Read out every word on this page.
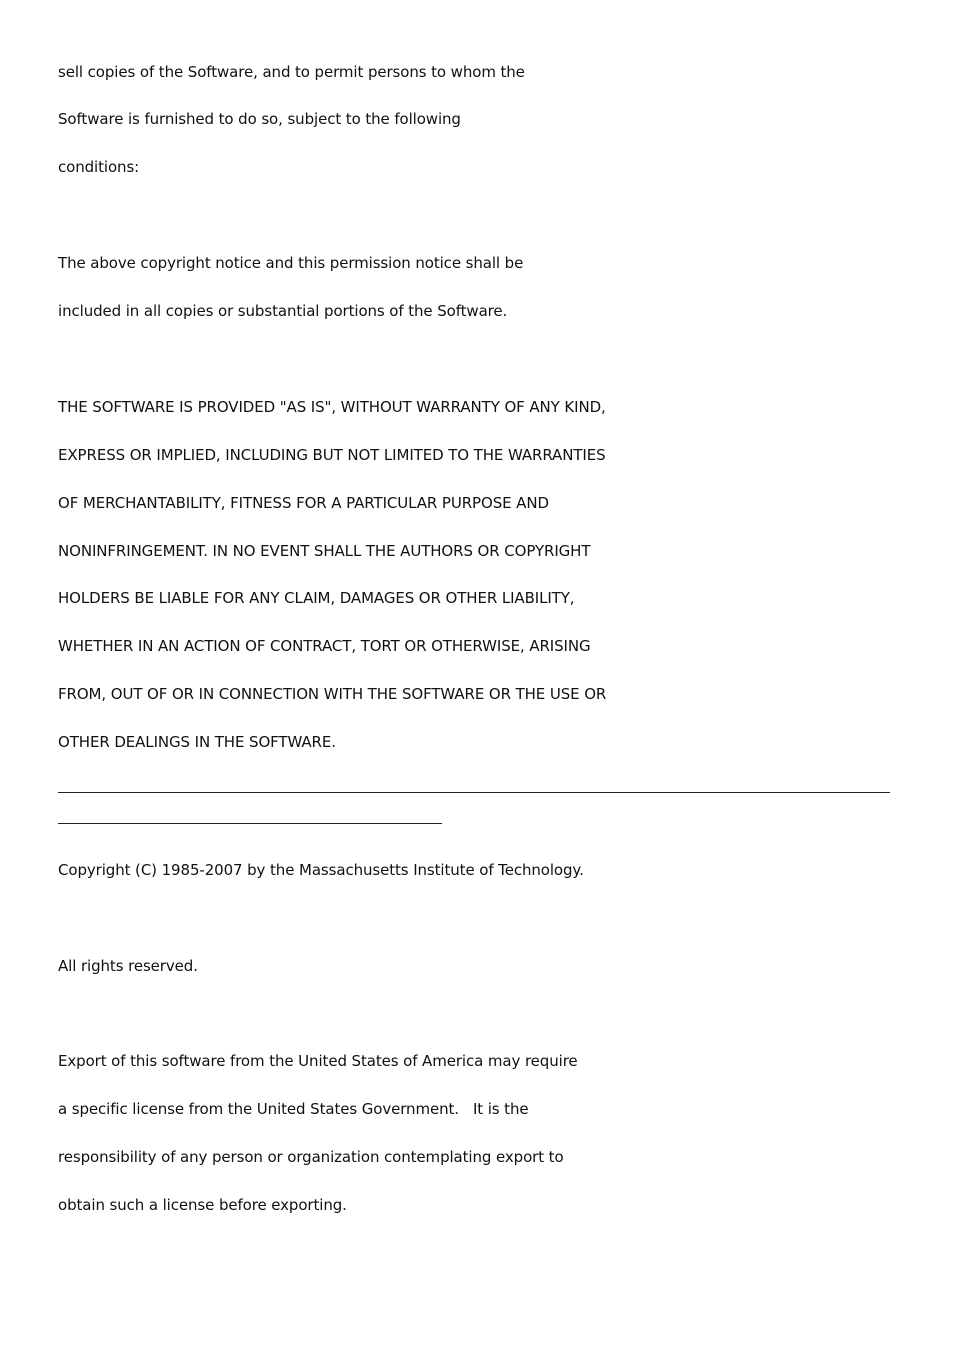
sell copies of the Software, and to permit persons to whom the
Software is furnished to do so, subject to the following
conditions:
The above copyright notice and this permission notice shall be
included in all copies or substantial portions of the Software.
THE SOFTWARE IS PROVIDED "AS IS", WITHOUT WARRANTY OF ANY KIND,
EXPRESS OR IMPLIED, INCLUDING BUT NOT LIMITED TO THE WARRANTIES
OF MERCHANTABILITY, FITNESS FOR A PARTICULAR PURPOSE AND
NONINFRINGEMENT. IN NO EVENT SHALL THE AUTHORS OR COPYRIGHT
HOLDERS BE LIABLE FOR ANY CLAIM, DAMAGES OR OTHER LIABILITY,
WHETHER IN AN ACTION OF CONTRACT, TORT OR OTHERWISE, ARISING
FROM, OUT OF OR IN CONNECTION WITH THE SOFTWARE OR THE USE OR
OTHER DEALINGS IN THE SOFTWARE.
Copyright (C) 1985-2007 by the Massachusetts Institute of Technology.
All rights reserved.
Export of this software from the United States of America may require
a specific license from the United States Government.   It is the
responsibility of any person or organization contemplating export to
obtain such a license before exporting.
